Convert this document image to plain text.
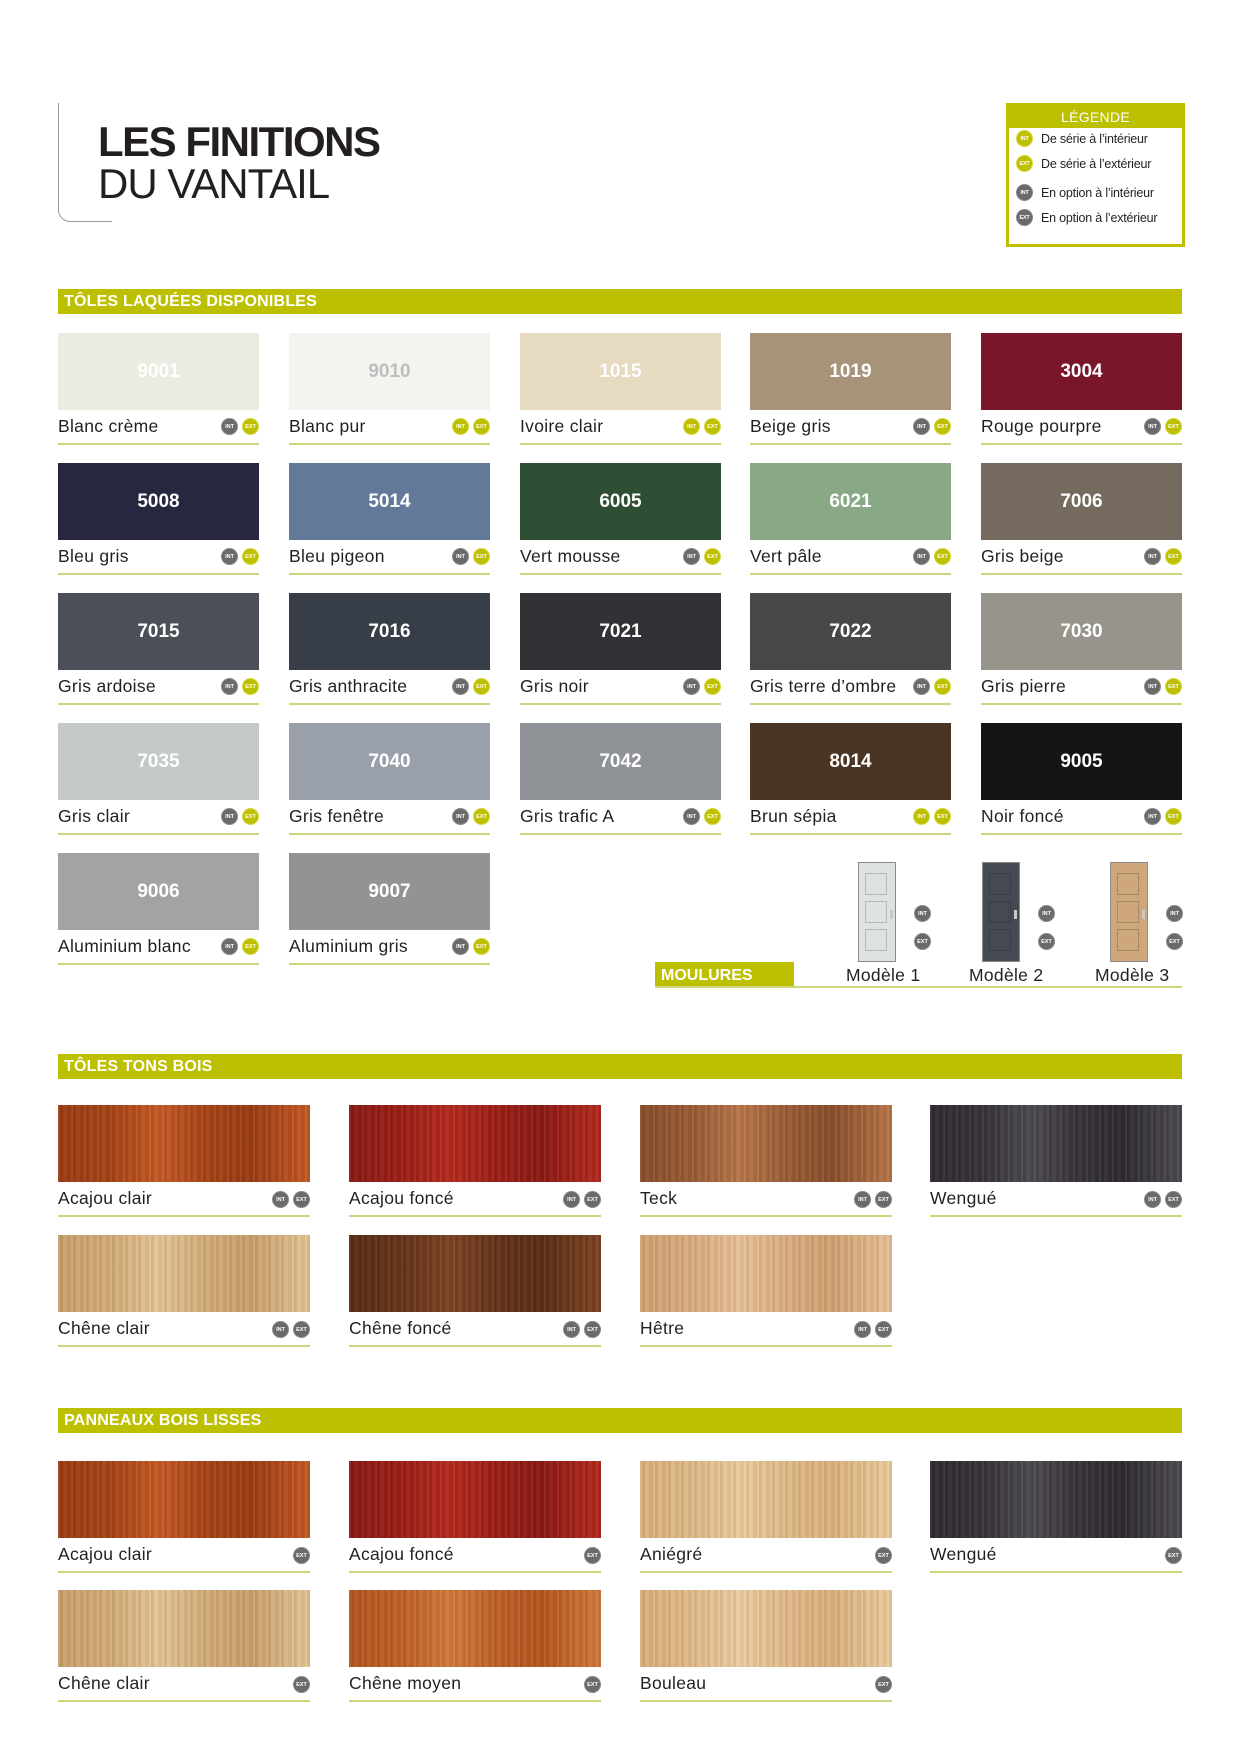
LES FINITIONS
DU VANTAIL
LÉGENDE
INT De série à l’intérieur
EXT De série à l’extérieur
INT En option à l’intérieur
EXT En option à l’extérieur
TÔLES LAQUÉES DISPONIBLES
TÔLES TONS BOIS
PANNEAUX BOIS LISSES
9001
Blanc crème	INT	EXT
9010
Blanc pur	INT	EXT
1015
Ivoire clair	INT	EXT
1019
Beige gris	INT	EXT
3004
Rouge pourpre	INT	EXT
5008
Bleu gris	INT	EXT
5014
Bleu pigeon	INT	EXT
6005
Vert mousse	INT	EXT
6021
Vert pâle	INT	EXT
7006
Gris beige	INT	EXT
7015
Gris ardoise	INT	EXT
7016
Gris anthracite	INT	EXT
7021
Gris noir	INT	EXT
7022
Gris terre d’ombre	INT	EXT
7030
Gris pierre	INT	EXT
7035
Gris clair	INT	EXT
7040
Gris fenêtre	INT	EXT
7042
Gris trafic A	INT	EXT
8014
Brun sépia	INT	EXT
9005
Noir foncé	INT	EXT
9006
Aluminium blanc	INT	EXT
9007
Aluminium gris	INT	EXT
Acajou clair	INT	EXT Acajou foncé	INT	EXT Teck	INT	EXT Wengué	INT	EXT
Chêne clair	INT	EXT Chêne foncé	INT	EXT Hêtre	INT	EXT
Acajou clair	EXT Acajou foncé	EXT Aniégré	EXT Wengué	EXT
Chêne clair	EXT Chêne moyen	EXT Bouleau	EXT
MOULURES
INT
EXT
Modèle 1
INT
EXT
Modèle 2
INT
EXT
Modèle 3
